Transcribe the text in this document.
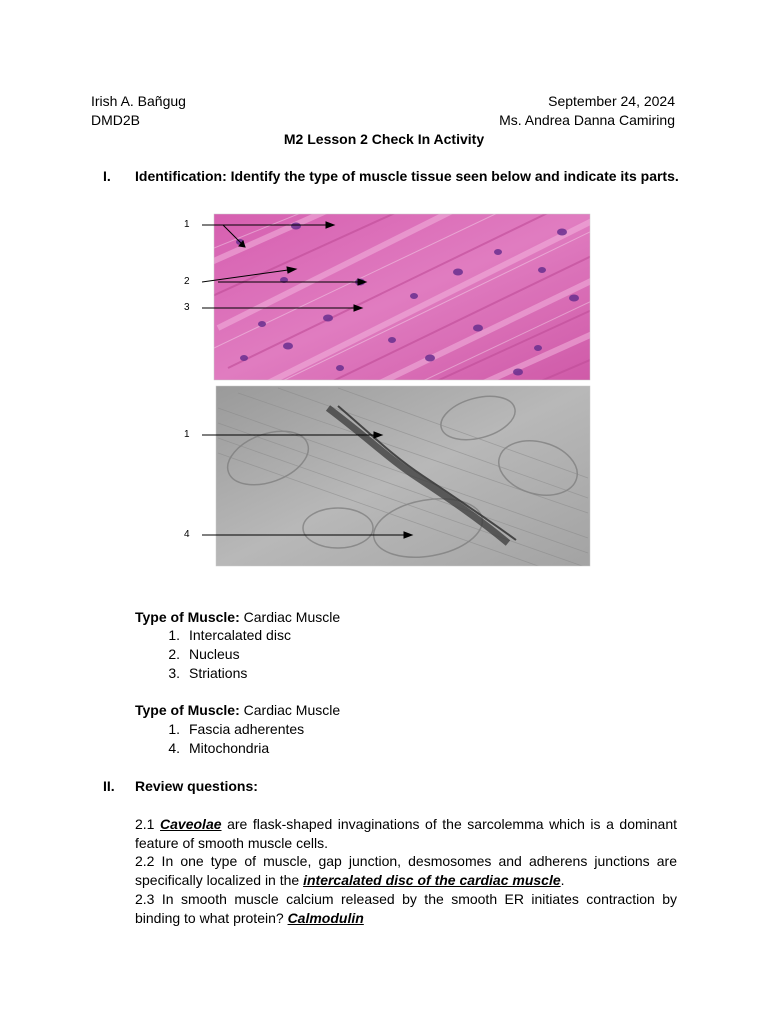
Irish A. Bañgug
DMD2B
September 24, 2024
Ms. Andrea Danna Camiring
M2 Lesson 2 Check In Activity
I. Identification: Identify the type of muscle tissue seen below and indicate its parts.
1
2
3
1
4
Type of Muscle: Cardiac Muscle
1. Intercalated disc
2. Nucleus
3. Striations
Type of Muscle: Cardiac Muscle
1. Fascia adherentes
4. Mitochondria
II. Review questions:
2.1 Caveolae are flask-shaped invaginations of the sarcolemma which is a dominant feature of smooth muscle cells.
2.2 In one type of muscle, gap junction, desmosomes and adherens junctions are specifically localized in the intercalated disc of the cardiac muscle.
2.3 In smooth muscle calcium released by the smooth ER initiates contraction by binding to what protein? Calmodulin
